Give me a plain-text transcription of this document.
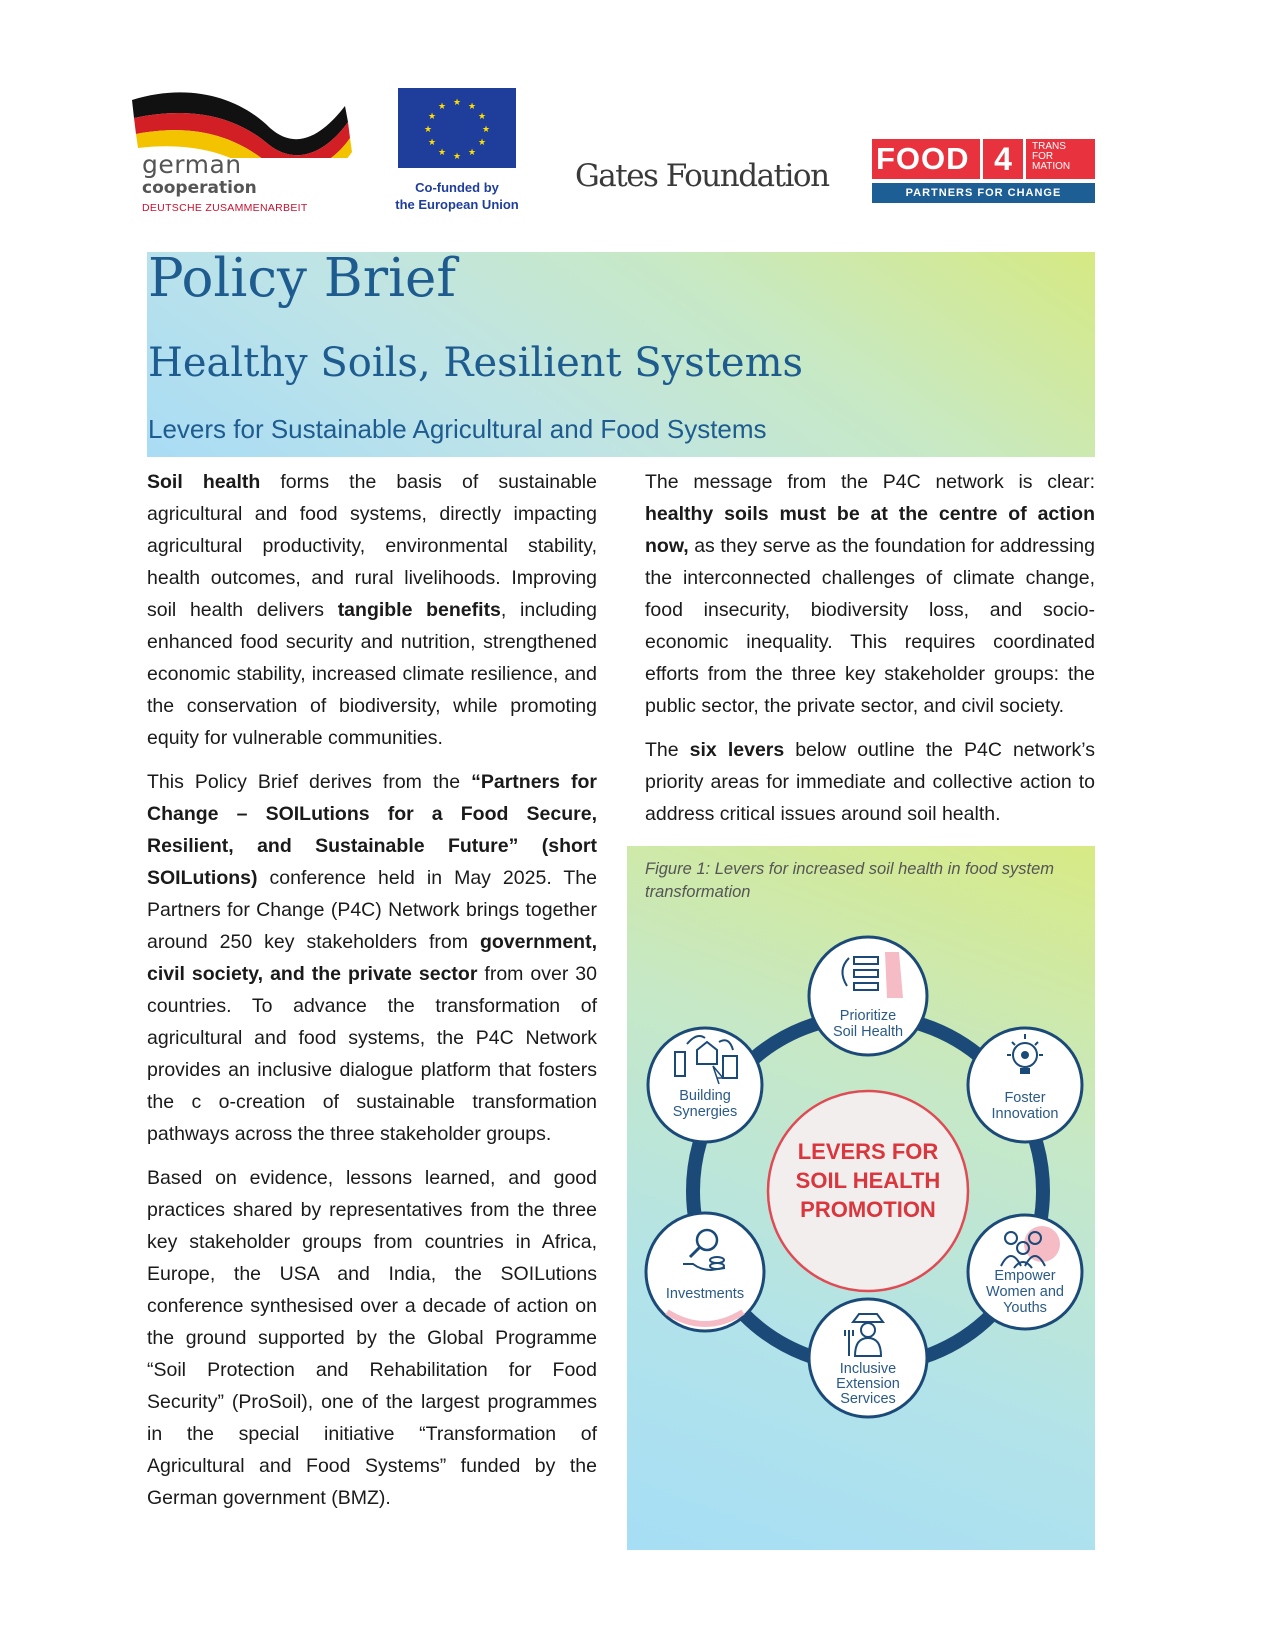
german
cooperation
DEUTSCHE ZUSAMMENARBEIT
★ ★
★
★
★
★
★
★
★
★
★
★
Co-funded by
the European Union
Gates Foundation FOOD 4	TRANS
FOR
MATION
PARTNERS FOR CHANGE
Policy Brief
Healthy Soils, Resilient Systems
Levers for Sustainable Agricultural and Food Systems

Soil health forms the basis of sustainable agricultural and food systems, directly impacting agricultural productivity, environmental stability, health outcomes, and rural livelihoods. Improving soil health delivers tangible benefits, including enhanced food security and nutrition, strengthened economic stability, increased climate resilience, and the conservation of biodiversity, while promoting equity for vulnerable communities.

This Policy Brief derives from the “Partners for Change – SOILutions for a Food Secure, Resilient, and Sustainable Future” (short SOILutions) conference held in May 2025. The Partners for Change (P4C) Network brings together around 250 key stakeholders from government, civil society, and the private sector from over 30 countries. To advance the transformation of agricultural and food systems, the P4C Network provides an inclusive dialogue platform that fosters the c o-creation of sustainable transformation pathways across the three stakeholder groups.

Based on evidence, lessons learned, and good practices shared by representatives from the three key stakeholder groups from countries in Africa, Europe, the USA and India, the SOILutions conference synthesised over a decade of action on the ground supported by the Global Programme “Soil Protection and Rehabilitation for Food Security” (ProSoil), one of the largest programmes in the special initiative “Transformation of Agricultural and Food Systems” funded by the German government (BMZ).

The message from the P4C network is clear: healthy soils must be at the centre of action now, as they serve as the foundation for addressing the interconnected challenges of climate change, food insecurity, biodiversity loss, and socio-economic inequality. This requires coordinated efforts from the three key stakeholder groups: the public sector, the private sector, and civil society.

The six levers below outline the P4C network’s priority areas for immediate and collective action to address critical issues around soil health.

Figure 1: Levers for increased soil health in food system transformation
LEVERS FOR
SOIL HEALTH
PROMOTION
Prioritize
Soil Health
Foster
Innovation
Empower
Women and
Youths
Inclusive
Extension
Services
Investments
Building
Synergies
